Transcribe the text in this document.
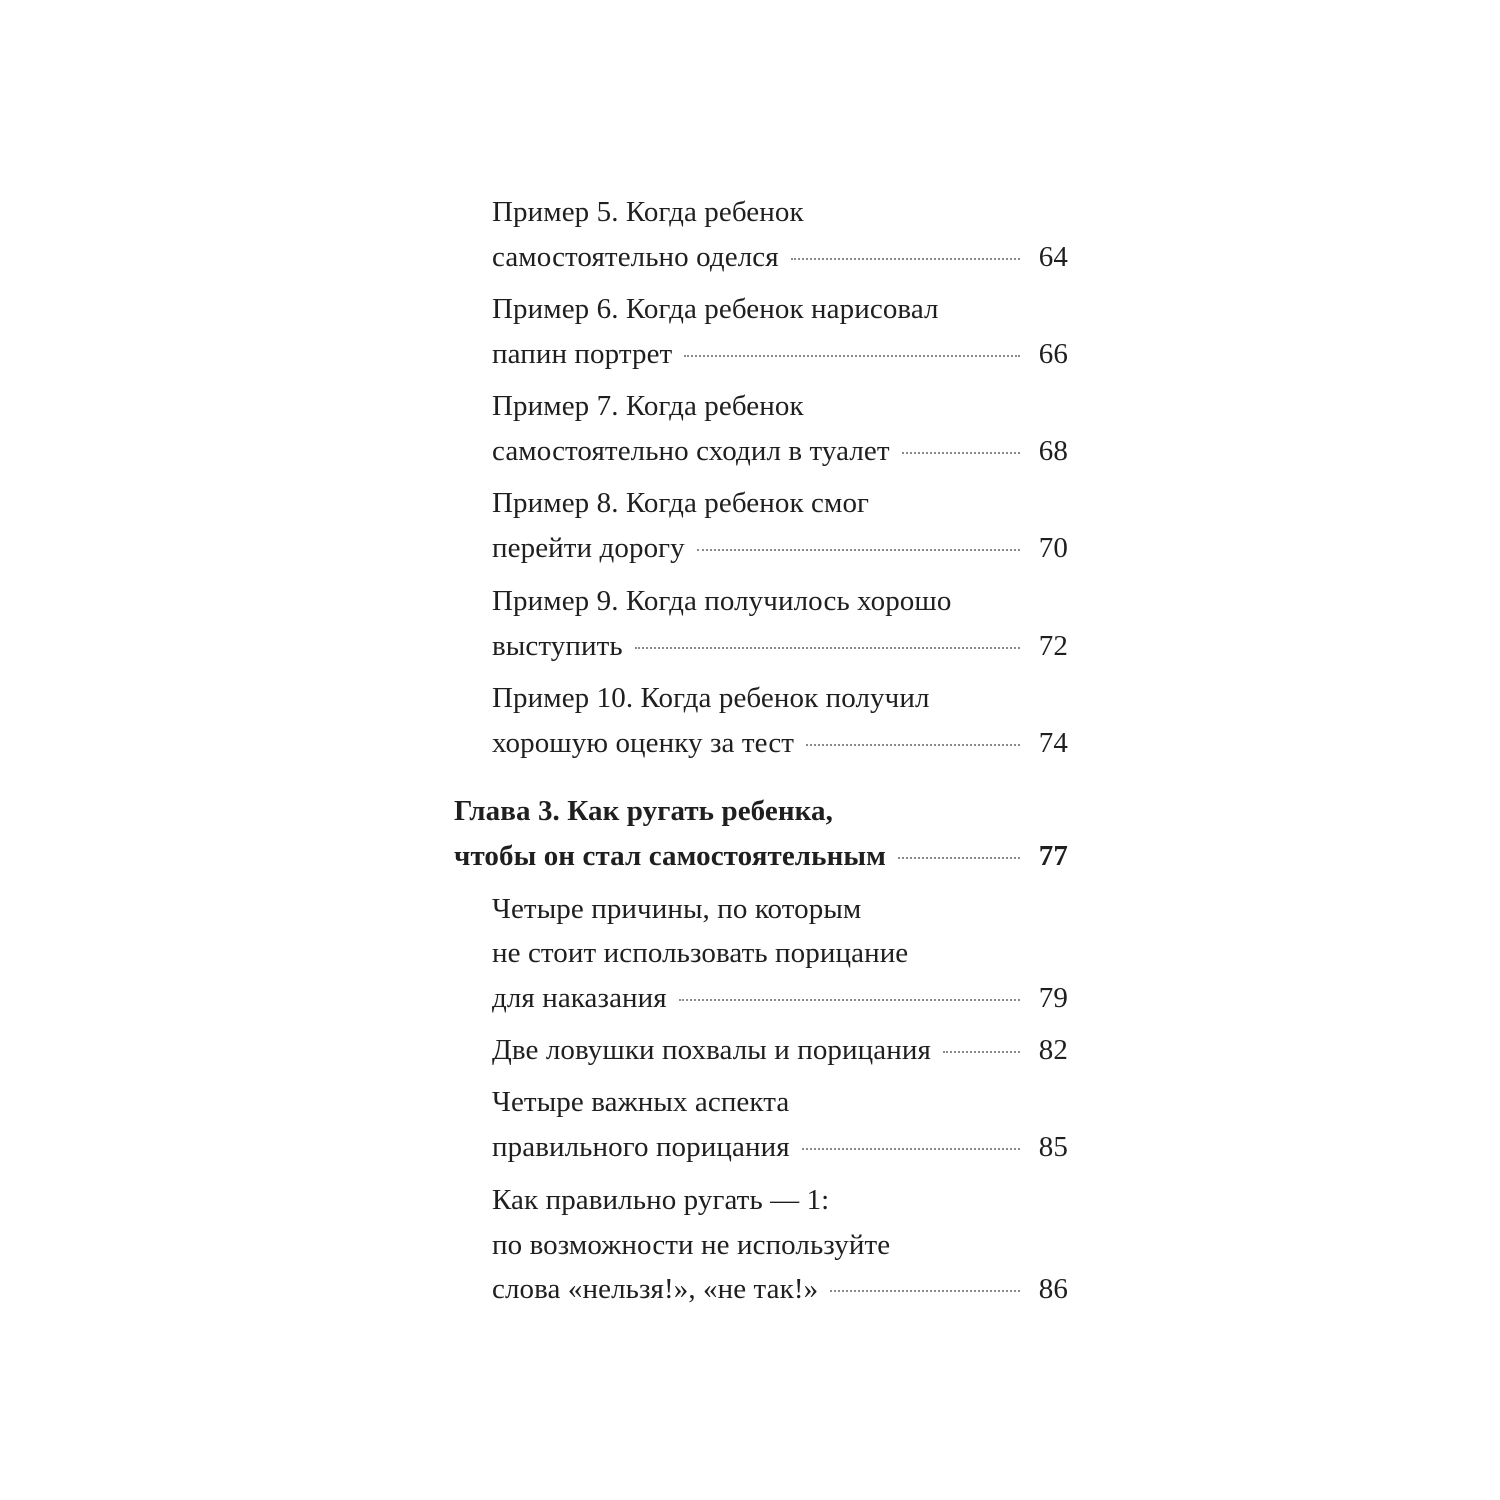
Пример 5. Когда ребенок
самостоятельно оделся	64
Пример 6. Когда ребенок нарисовал
папин портрет	66
Пример 7. Когда ребенок
самостоятельно сходил в туалет	68
Пример 8. Когда ребенок смог
перейти дорогу	70
Пример 9. Когда получилось хорошо
выступить	72
Пример 10. Когда ребенок получил
хорошую оценку за тест	74
Глава 3. Как ругать ребенка,
чтобы он стал самостоятельным	77
Четыре причины, по которым
не стоит использовать порицание
для наказания	79
Две ловушки похвалы и порицания	82
Четыре важных аспекта
правильного порицания	85
Как правильно ругать — 1:
по возможности не используйте
слова «нельзя!», «не так!»	86
